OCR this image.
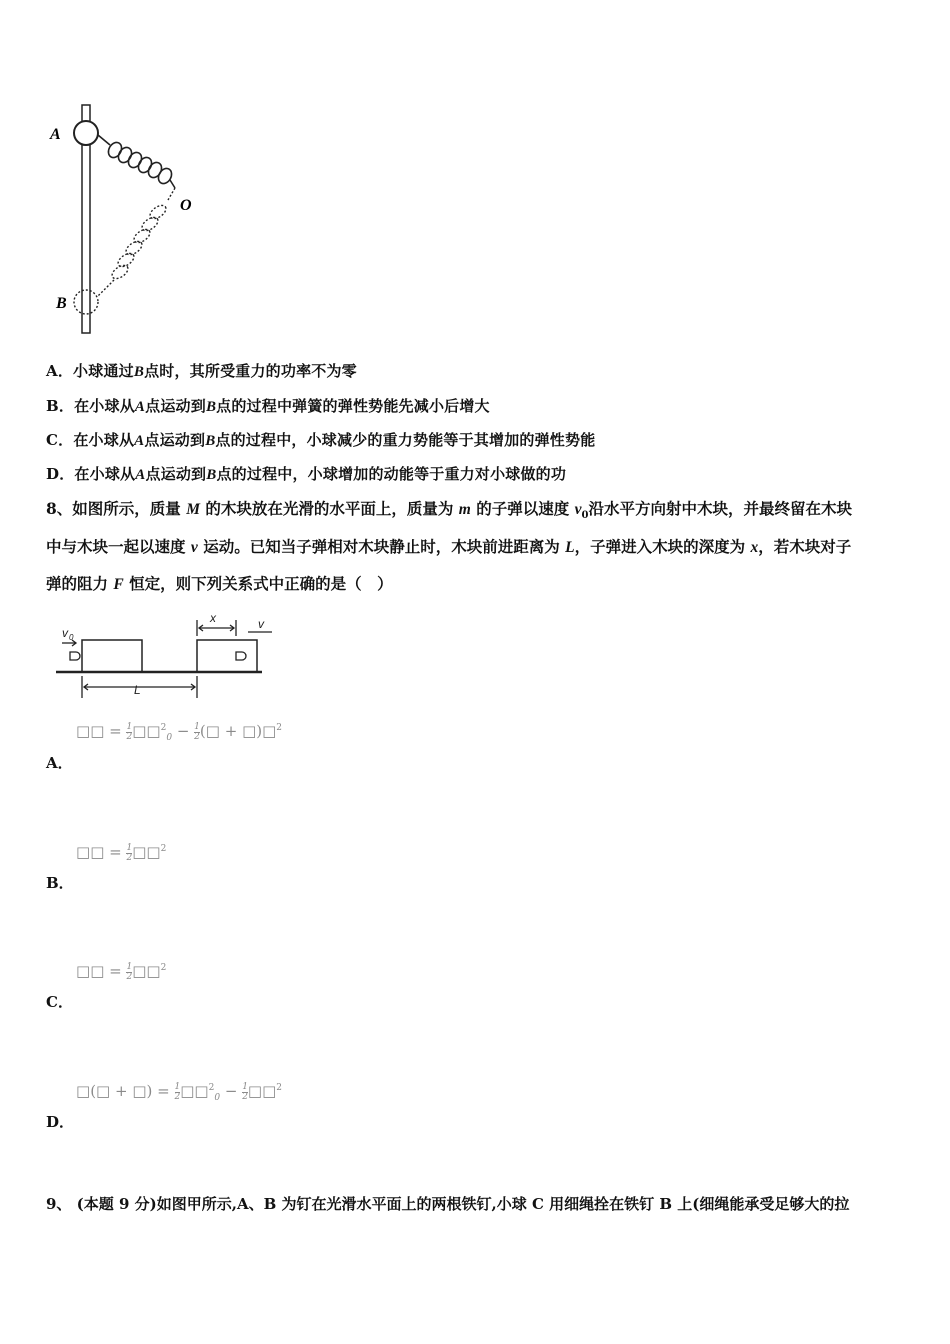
A
O
B
A．小球通过B点时，其所受重力的功率不为零
B．在小球从A点运动到B点的过程中弹簧的弹性势能先减小后增大
C．在小球从A点运动到B点的过程中，小球减少的重力势能等于其增加的弹性势能
D．在小球从A点运动到B点的过程中，小球增加的动能等于重力对小球做的功
8、如图所示，质量 M 的木块放在光滑的水平面上，质量为 m 的子弹以速度 $v_0$沿水平方向射中木块，并最终留在木块
中与木块一起以速度 v 运动。已知当子弹相对木块静止时，木块前进距离为 L，子弹进入木块的深度为 x，若木块对子
弹的阻力 F 恒定，则下列关系式中正确的是（　）
v 0
x	v
L
□□ = $\frac{1}{2}$ □□$^2_0$ − $\frac{1}{2}$ (□ + □)□$^2$
A．
□□ = $\frac{1}{2}$ □□$^2$
B．
□□ = $\frac{1}{2}$ □□$^2$
C．
□(□ + □) = $\frac{1}{2}$ □□$^2_0$ − $\frac{1}{2}$ □□$^2$
D．
9、 (本题 9 分)如图甲所示,A、B 为钉在光滑水平面上的两根铁钉,小球 C 用细绳拴在铁钉 B 上(细绳能承受足够大的拉
